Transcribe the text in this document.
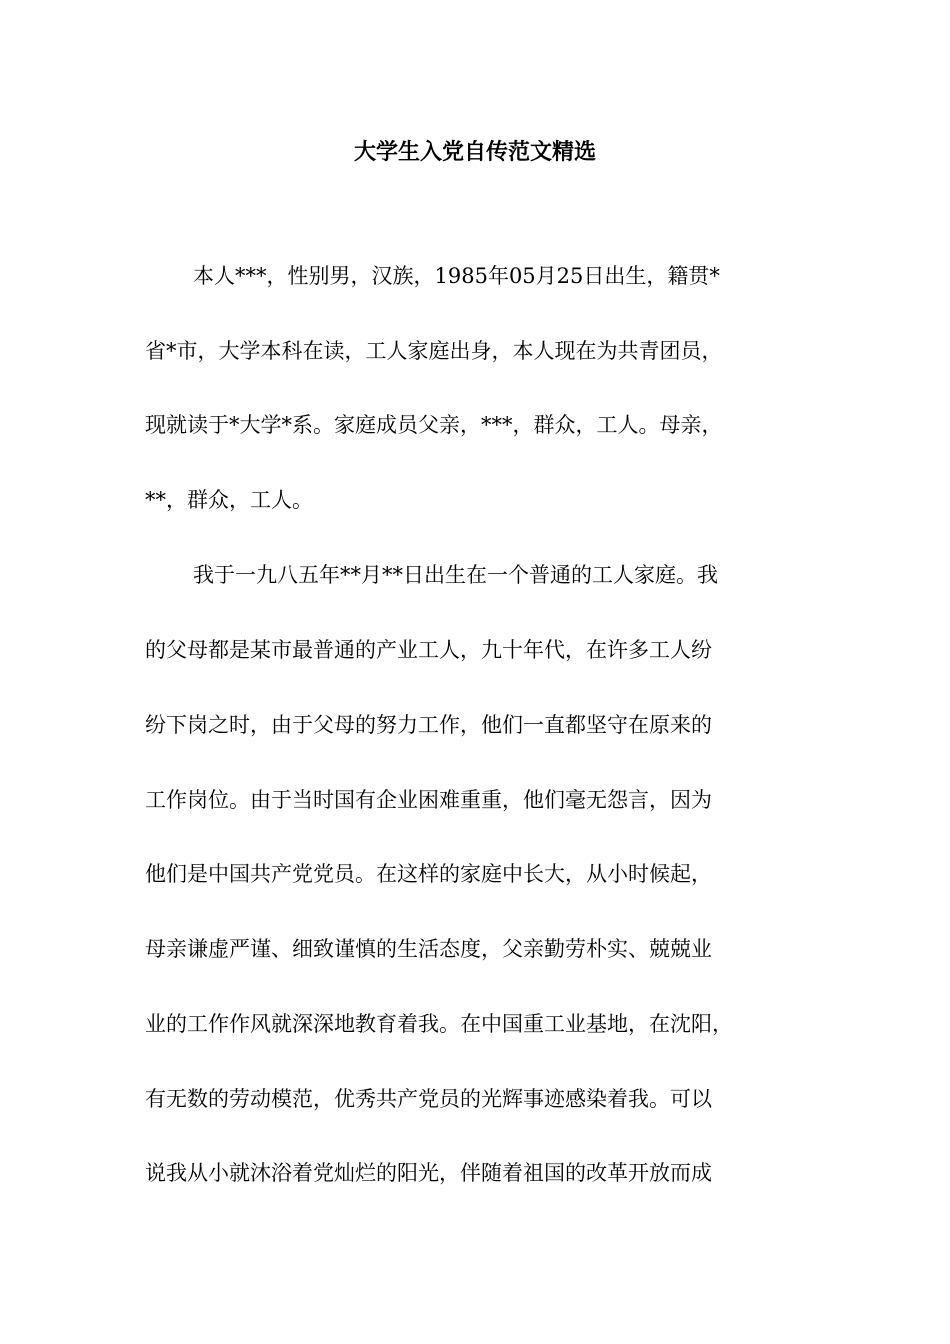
大学生入党自传范文精选

本人***，性别男，汉族，1985年05月25日出生，籍贯*

省*市，大学本科在读，工人家庭出身，本人现在为共青团员，

现就读于*大学*系。家庭成员父亲，***，群众，工人。母亲，

**，群众，工人。

我于一九八五年**月**日出生在一个普通的工人家庭。我

的父母都是某市最普通的产业工人，九十年代，在许多工人纷

纷下岗之时，由于父母的努力工作，他们一直都坚守在原来的

工作岗位。由于当时国有企业困难重重，他们毫无怨言，因为

他们是中国共产党党员。在这样的家庭中长大，从小时候起，

母亲谦虚严谨、细致谨慎的生活态度，父亲勤劳朴实、兢兢业

业的工作作风就深深地教育着我。在中国重工业基地，在沈阳，

有无数的劳动模范，优秀共产党员的光辉事迹感染着我。可以

说我从小就沐浴着党灿烂的阳光，伴随着祖国的改革开放而成
